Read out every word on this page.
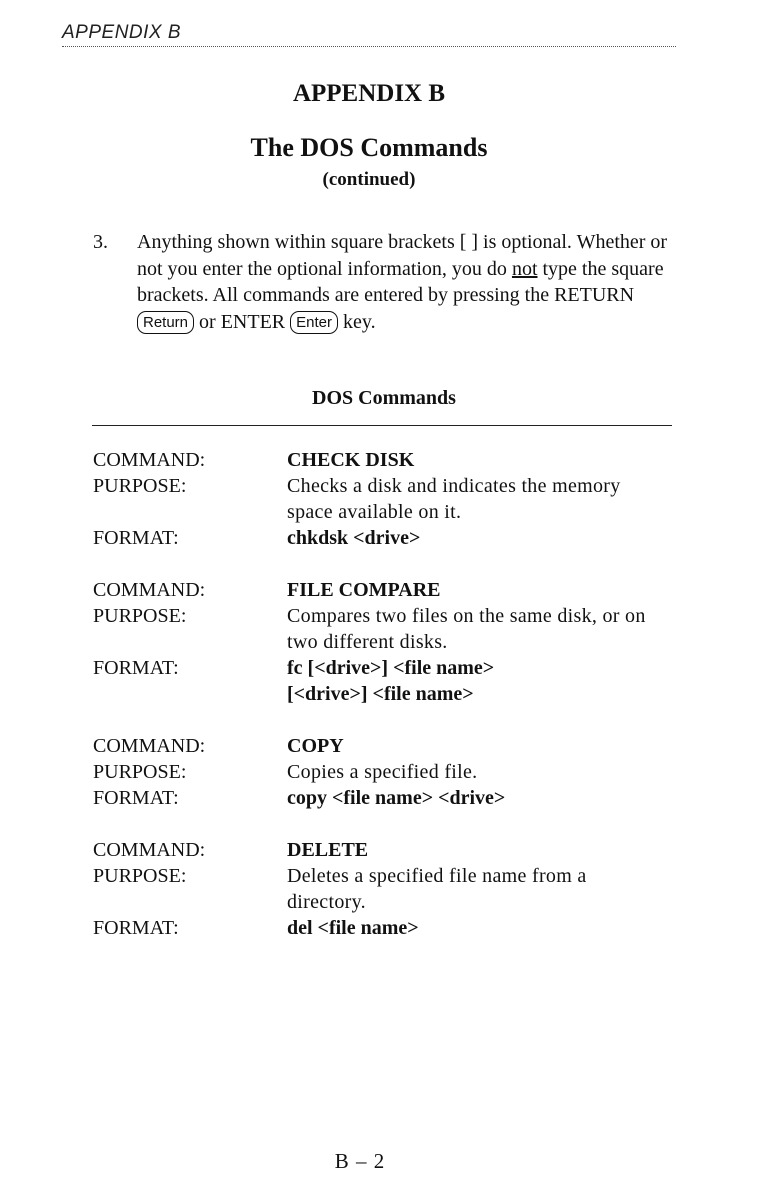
APPENDIX B
APPENDIX B
The DOS Commands
(continued)
3. Anything shown within square brackets [ ] is optional. Whether or not you enter the optional information, you do not type the square brackets. All commands are entered by pressing the RETURN Return or ENTER Enter key.
DOS Commands
COMMAND:	CHECK DISK
PURPOSE:	Checks a disk and indicates the memory space available on it.
FORMAT:	chkdsk <drive>
COMMAND:	FILE COMPARE
PURPOSE:	Compares two files on the same disk, or on two different disks.
FORMAT:	fc [<drive>] <file name>
[<drive>] <file name>
COMMAND:	COPY
PURPOSE:	Copies a specified file.
FORMAT:	copy <file name> <drive>
COMMAND:	DELETE
PURPOSE:	Deletes a specified file name from a directory.
FORMAT:	del <file name>
B – 2
